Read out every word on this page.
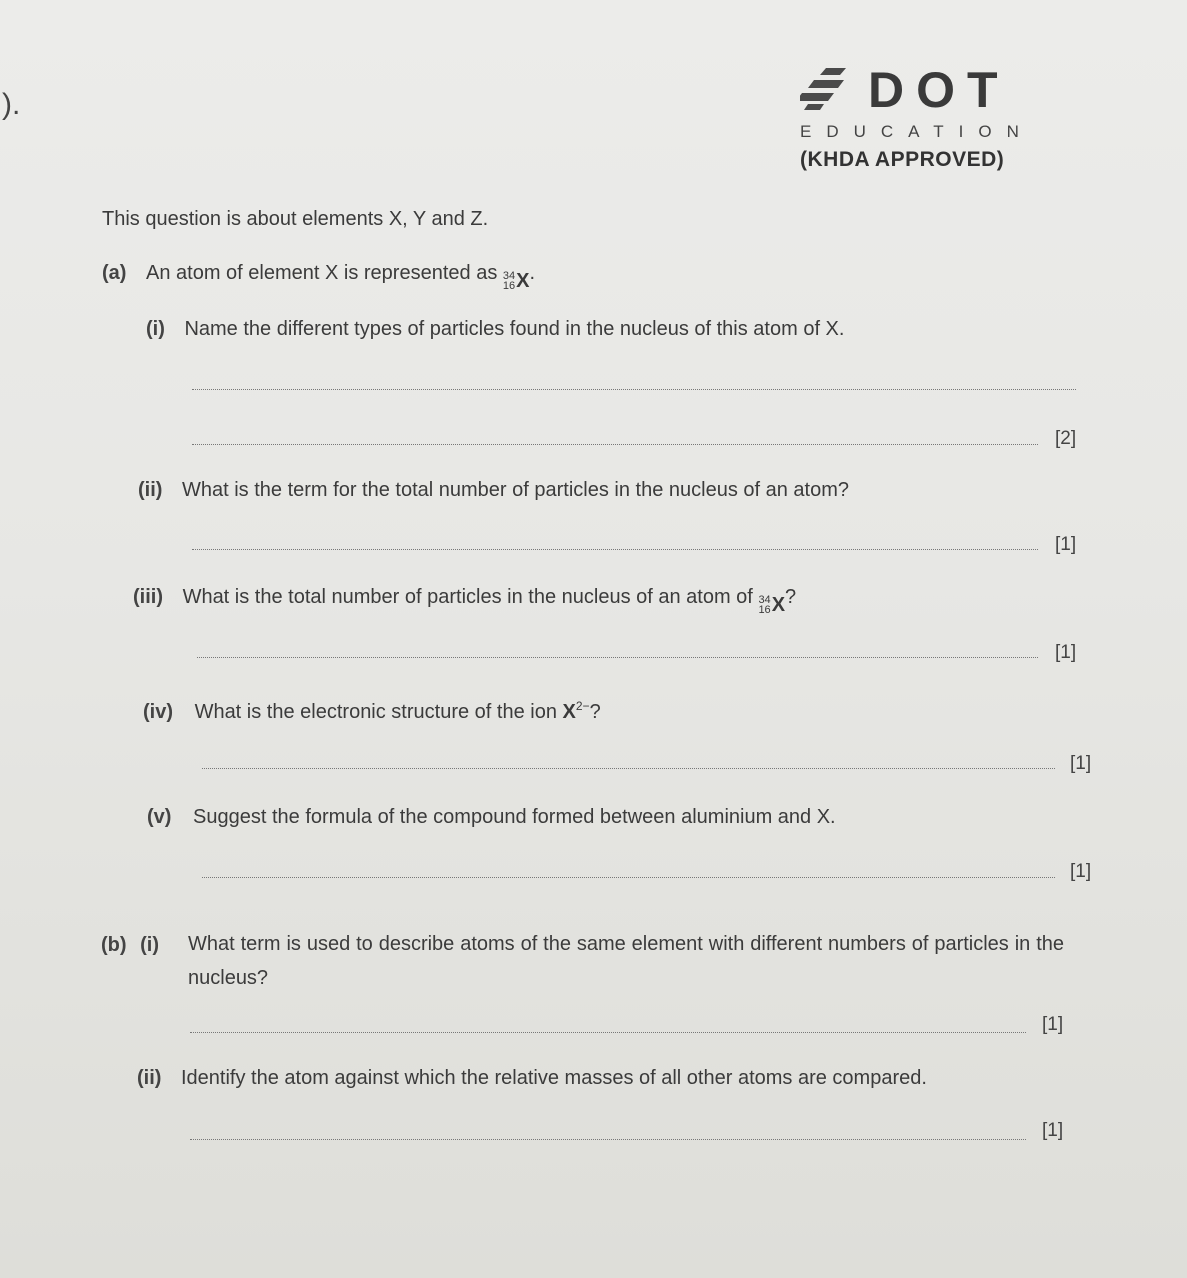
).	DOT
EDUCATION
(KHDA APPROVED)
This question is about elements X, Y and Z.
(a) An atom of element X is represented as 34
16 X .
(i) Name the different types of particles found in the nucleus of this atom of X.
[2]
(ii) What is the term for the total number of particles in the nucleus of an atom?
[1]
(iii) What is the total number of particles in the nucleus of an atom of 34
16 X ?
[1]
(iv) What is the electronic structure of the ion $X^{2-}$?
[1]
(v) Suggest the formula of the compound formed between aluminium and X.
[1]
(b) (i) What term is used to describe atoms of the same element with different numbers of particles in the nucleus?
[1]
(ii) Identify the atom against which the relative masses of all other atoms are compared.
[1]
